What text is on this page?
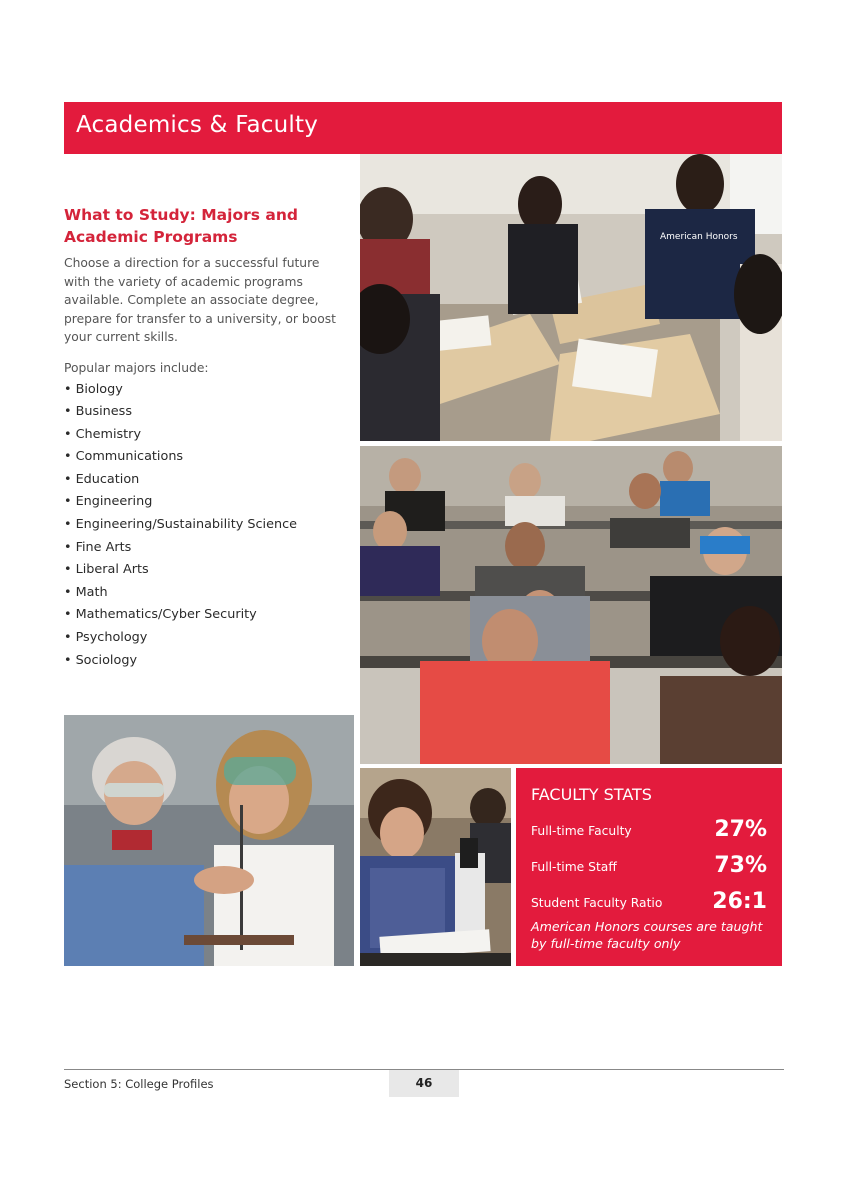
Academics & Faculty
What to Study: Majors and Academic Programs

Choose a direction for a successful future with the variety of academic programs available. Complete an associate degree, prepare for transfer to a university, or boost your current skills.

Popular majors include:

• Biology
• Business
• Chemistry
• Communications
• Education
• Engineering
• Engineering/Sustainability Science
• Fine Arts
• Liberal Arts
• Math
• Mathematics/Cyber Security
• Psychology
• Sociology
American Honors
FACULTY STATS
Full-time Faculty	27%
Full-time Staff	73%
Student Faculty Ratio 26:1

American Honors courses are taught by full-time faculty only

Section 5: College Profiles	46
